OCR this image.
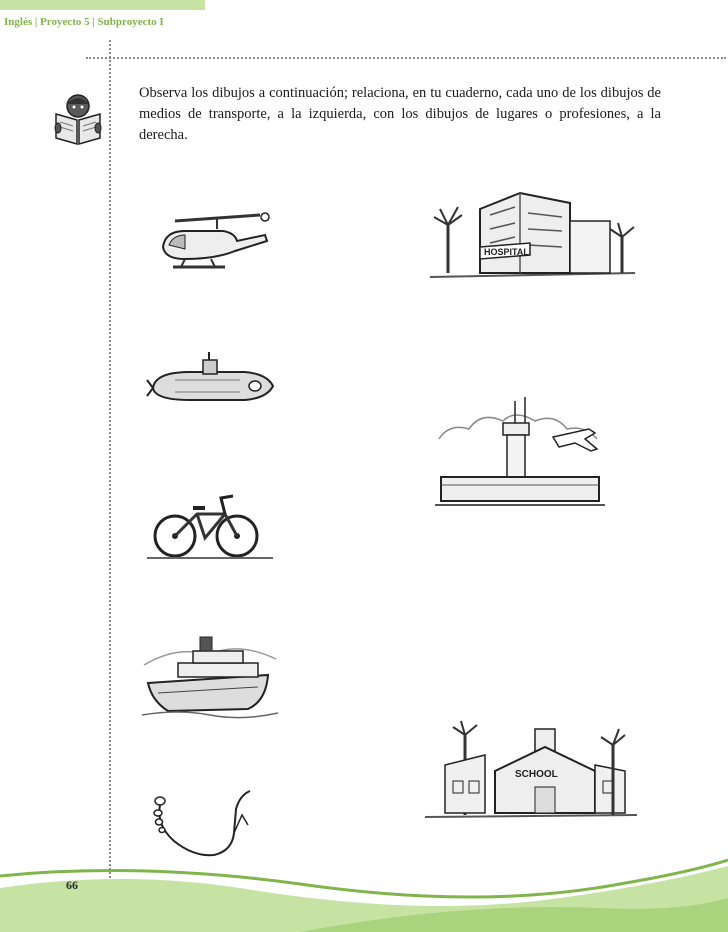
Inglés | Proyecto 5 | Subproyecto I
Observa los dibujos a continuación; relaciona, en tu cuaderno, cada uno de los dibujos de medios de transporte, a la izquierda, con los dibujos de lugares o profesiones, a la derecha.
HOSPITAL
SCHOOL
66
